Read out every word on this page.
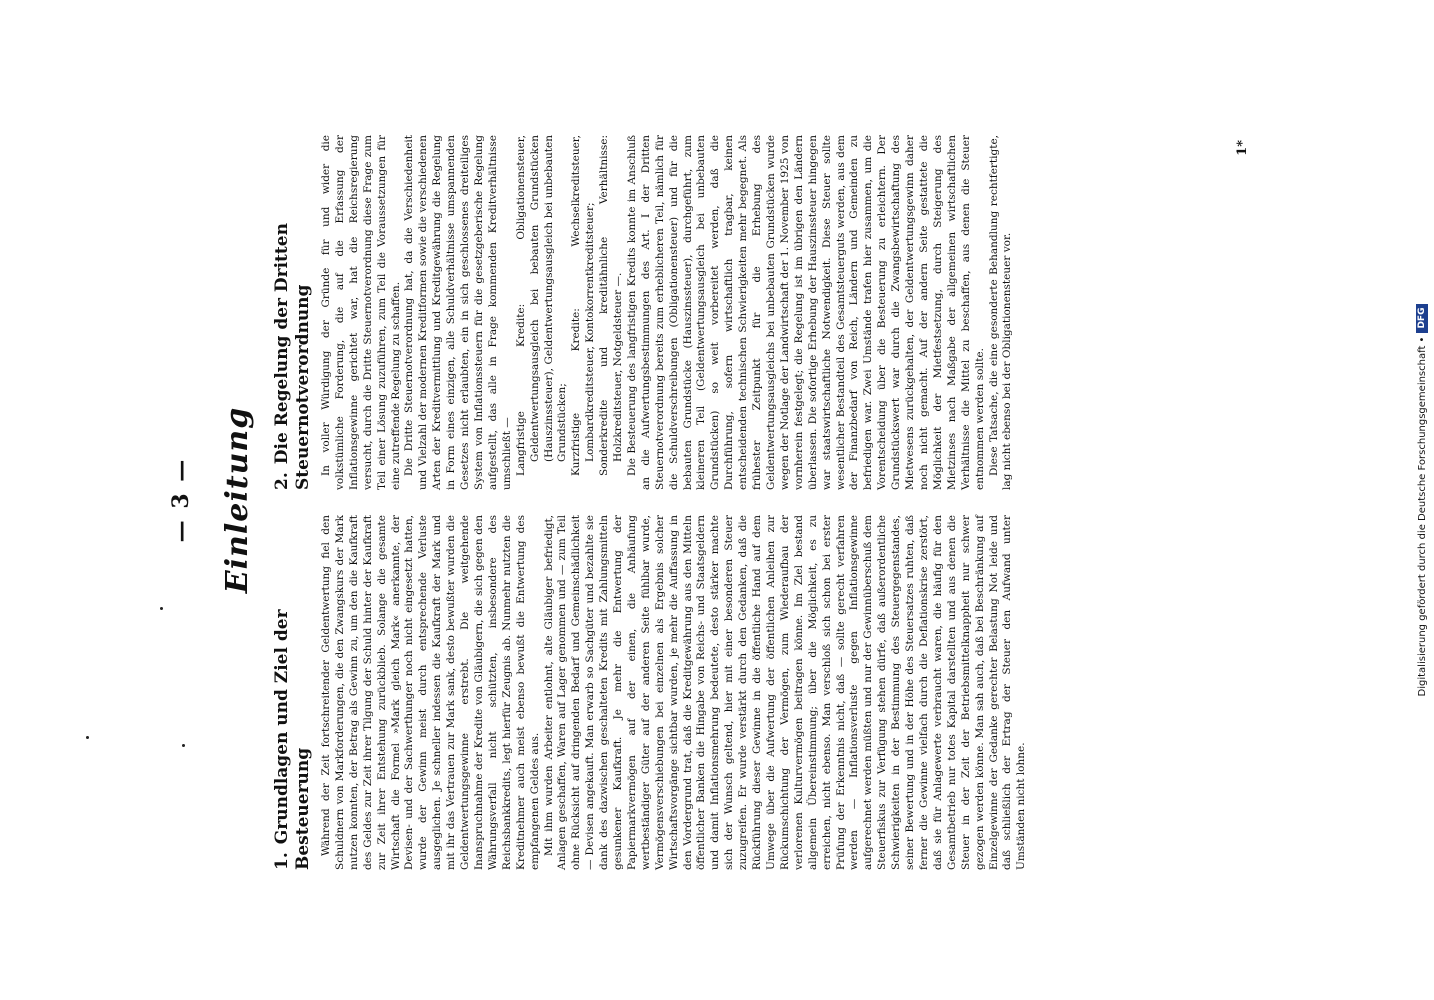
— 3 — Einleitung
1.Grundlagen und Ziel der Besteuerung Während der Zeit fortschreitender Geldentwertung fiel den Schuldnern von Markforderungen, die den Zwangskurs der Mark nutzen konnten, der Betrag als Gewinn zu, um den die Kaufkraft des Geldes zur Zeit ihrer Tilgung der Schuld hinter der Kaufkraft zur Zeit ihrer Entstehung zurückblieb. Solange die gesamte Wirtschaft die Formel »Mark gleich Mark« anerkannte, der Devisen- und der Sachwerthunger noch nicht eingesetzt hatten, wurde der Gewinn meist durch entsprechende Verluste ausgeglichen. Je schneller indessen die Kaufkraft der Mark und mit ihr das Vertrauen zur Mark sank, desto bewußter wurden die Geldentwertungsgewinne erstrebt. Die weitgehende Inanspruchnahme der Kredite von Gläubigern, die sich gegen den Währungsverfall nicht schützten, insbesondere des Reichsbankkredits, legt hierfür Zeugnis ab. Nunmehr nutzten die Kreditnehmer auch meist ebenso bewußt die Entwertung des empfangenen Geldes aus. Mit ihm wurden Arbeiter entlohnt, alte Gläubiger befriedigt, Anlagen geschaffen, Waren auf Lager genommen und — zum Teil ohne Rücksicht auf dringenden Bedarf und Gemeinschädlichkeit — Devisen angekauft. Man erwarb so Sachgüter und bezahlte sie dank des dazwischen geschalteten Kredits mit Zahlungsmitteln gesunkener Kaufkraft. Je mehr die Entwertung der Papiermarkvermögen auf der einen, die Anhäufung wertbeständiger Güter auf der anderen Seite fühlbar wurde, Vermögensverschiebungen bei einzelnen als Ergebnis solcher Wirtschaftsvorgänge sichtbar wurden, je mehr die Auffassung in den Vordergrund trat, daß die Kreditgewährung aus den Mitteln öffentlicher Banken die Hingabe von Reichs- und Staatsgeldern und damit Inflationsmehrung bedeutete, desto stärker machte sich der Wunsch geltend, hier mit einer besonderen Steuer zuzugreifen. Er wurde verstärkt durch den Gedanken, daß die Rückführung dieser Gewinne in die öffentliche Hand auf dem Umwege über die Aufwertung der öffentlichen Anleihen zur Rückumschichtung der Vermögen, zum Wiederaufbau der verlorenen Kulturvermögen beitragen könne. Im Ziel bestand allgemein Übereinstimmung; über die Möglichkeit, es zu erreichen, nicht ebenso. Man verschloß sich schon bei erster Prüfung der Erkenntnis nicht, daß — sollte gerecht verfahren werden — Inflationsverluste gegen Inflationsgewinne aufgerechnet werden müßten und nur der Gewinnüberschuß dem Steuerfiskus zur Verfügung stehen dürfe, daß außerordentliche Schwierigkeiten in der Bestimmung des Steuergegenstandes, seiner Bewertung und in der Höhe des Steuersatzes ruhten, daß ferner die Gewinne vielfach durch die Deflationskrise zerstört, daß sie für Anlagewerte verbraucht waren, die häufig für den Gesamtbetrieb nur totes Kapital darstellten und aus denen die Steuer in der Zeit der Betriebsmittelknappheit nur schwer gezogen werden könne. Man sah auch, daß bei Beschränkung auf Einzelgewinne der Gedanke gerechter Belastung Not leide und daß schließlich der Ertrag der Steuer den Aufwand unter Umständen nicht lohne.

2.Die Regelung der Dritten Steuernotverordnung In voller Würdigung der Gründe für und wider die volkstümliche Forderung, die auf die Erfassung der Inflationsgewinne gerichtet war, hat die Reichsregierung versucht, durch die Dritte Steuernotverordnung diese Frage zum Teil einer Lösung zuzuführen, zum Teil die Voraussetzungen für eine zutreffende Regelung zu schaffen. Die Dritte Steuernotverordnung hat, da die Verschiedenheit und Vielzahl der modernen Kreditformen sowie die verschiedenen Arten der Kreditvermittlung und Kreditgewährung die Regelung in Form eines einzigen, alle Schuldverhältnisse umspannenden Gesetzes nicht erlaubten, ein in sich geschlossenes dreiteiliges System von Inflationssteuern für die gesetzgeberische Regelung aufgestellt, das alle in Frage kommenden Kreditverhältnisse umschließt — Langfristige Kredite: Obligationensteuer, Geldentwertungsausgleich bei bebauten Grundstücken (Hauszinssteuer), Geldentwertungsausgleich bei unbebauten Grundstücken; Kurzfristige Kredite: Wechselkreditsteuer, Lombardkreditsteuer, Kontokorrentkreditsteuer; Sonderkredite und kreditähnliche Verhältnisse: Holzkreditsteuer, Notgeldsteuer —. Die Besteuerung des langfristigen Kredits konnte im Anschluß an die Aufwertungsbestimmungen des Art. I der Dritten Steuernotverordnung bereits zum erheblicheren Teil, nämlich für die Schuldverschreibungen (Obligationensteuer) und für die bebauten Grundstücke (Hauszinssteuer), durchgeführt, zum kleineren Teil (Geldentwertungsausgleich bei unbebauten Grundstücken) so weit vorbereitet werden, daß die Durchführung, sofern wirtschaftlich tragbar, keinen entscheidenden technischen Schwierigkeiten mehr begegnet. Als frühester Zeitpunkt für die Erhebung des Geldentwertungsausgleichs bei unbebauten Grundstücken wurde wegen der Notlage der Landwirtschaft der 1. November 1925 von vornherein festgelegt; die Regelung ist im übrigen den Ländern überlassen. Die sofortige Erhebung der Hauszinssteuer hingegen war staatswirtschaftliche Notwendigkeit. Diese Steuer sollte wesentlicher Bestandteil des Gesamtsteuerguts werden, aus dem der Finanzbedarf von Reich, Ländern und Gemeinden zu befriedigen war. Zwei Umstände trafen hier zusammen, um die Vorentscheidung über die Besteuerung zu erleichtern. Der Grundstückswert war durch die Zwangsbewirtschaftung des Mietwesens zurückgehalten, der Geldentwertungsgewinn daher noch nicht gemacht. Auf der andern Seite gestattete die Möglichkeit der Mietfestsetzung, durch Steigerung des Mietzinses nach Maßgabe der allgemeinen wirtschaftlichen Verhältnisse die Mittel zu beschaffen, aus denen die Steuer entnommen werden sollte. Diese Tatsache, die eine gesonderte Behandlung rechtfertigte, lag nicht ebenso bei der Obligationensteuer vor.

1*
Digitalisierung gefördert durch die Deutsche Forschungsgemeinschaft •
DFG
